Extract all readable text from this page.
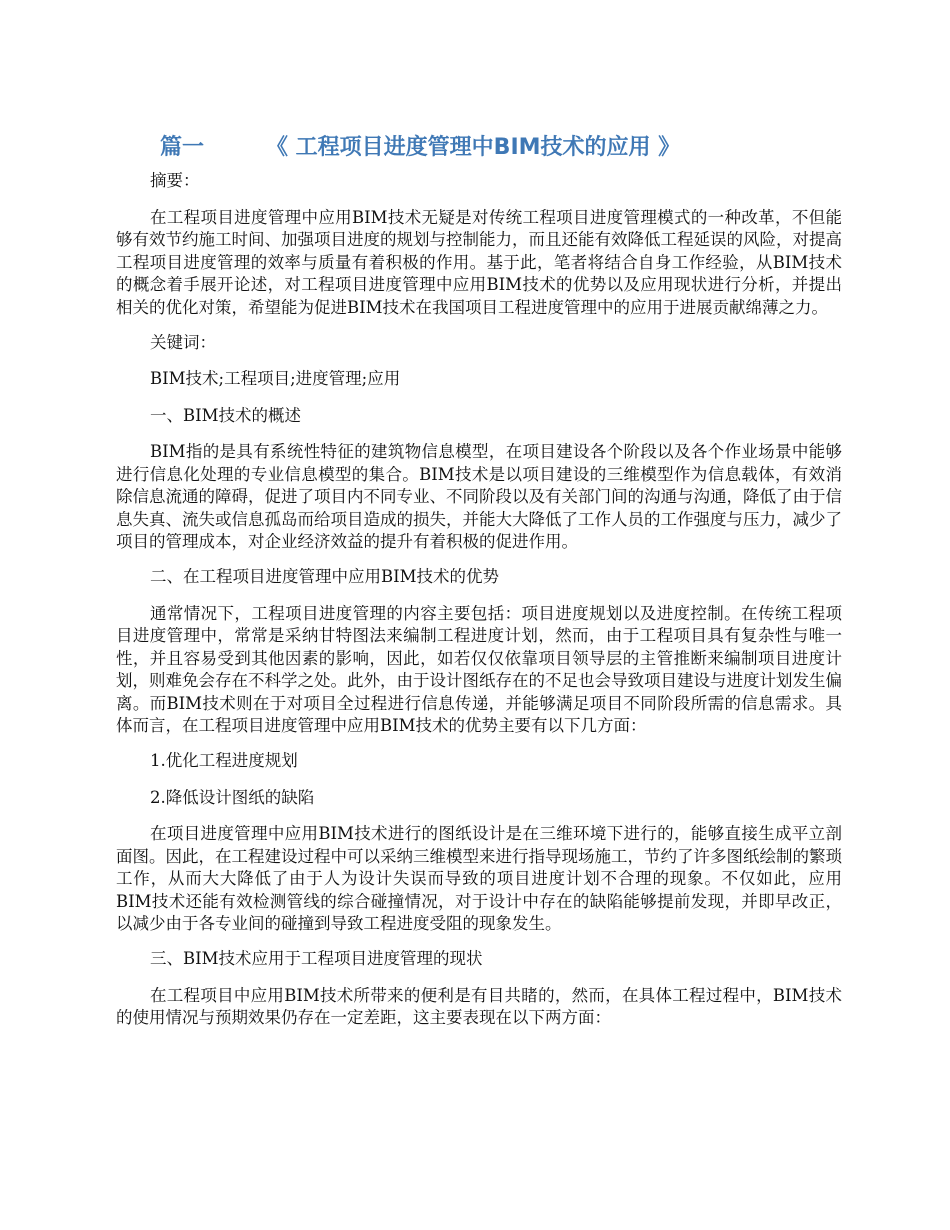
篇一	《 工程项目进度管理中BIM技术的应用 》

摘要：

在工程项目进度管理中应用BIM技术无疑是对传统工程项目进度管理模式的一种改革，不但能够有效节约施工时间、加强项目进度的规划与控制能力，而且还能有效降低工程延误的风险，对提高工程项目进度管理的效率与质量有着积极的作用。基于此，笔者将结合自身工作经验，从BIM技术的概念着手展开论述，对工程项目进度管理中应用BIM技术的优势以及应用现状进行分析，并提出相关的优化对策，希望能为促进BIM技术在我国项目工程进度管理中的应用于进展贡献绵薄之力。

关键词：

BIM技术;工程项目;进度管理;应用

一、BIM技术的概述

BIM指的是具有系统性特征的建筑物信息模型，在项目建设各个阶段以及各个作业场景中能够进行信息化处理的专业信息模型的集合。BIM技术是以项目建设的三维模型作为信息载体，有效消除信息流通的障碍，促进了项目内不同专业、不同阶段以及有关部门间的沟通与沟通，降低了由于信息失真、流失或信息孤岛而给项目造成的损失，并能大大降低了工作人员的工作强度与压力，减少了项目的管理成本，对企业经济效益的提升有着积极的促进作用。

二、在工程项目进度管理中应用BIM技术的优势

通常情况下，工程项目进度管理的内容主要包括：项目进度规划以及进度控制。在传统工程项目进度管理中，常常是采纳甘特图法来编制工程进度计划，然而，由于工程项目具有复杂性与唯一性，并且容易受到其他因素的影响，因此，如若仅仅依靠项目领导层的主管推断来编制项目进度计划，则难免会存在不科学之处。此外，由于设计图纸存在的不足也会导致项目建设与进度计划发生偏离。而BIM技术则在于对项目全过程进行信息传递，并能够满足项目不同阶段所需的信息需求。具体而言，在工程项目进度管理中应用BIM技术的优势主要有以下几方面：

1.优化工程进度规划

2.降低设计图纸的缺陷

在项目进度管理中应用BIM技术进行的图纸设计是在三维环境下进行的，能够直接生成平立剖面图。因此，在工程建设过程中可以采纳三维模型来进行指导现场施工，节约了许多图纸绘制的繁琐工作，从而大大降低了由于人为设计失误而导致的项目进度计划不合理的现象。不仅如此，应用BIM技术还能有效检测管线的综合碰撞情况，对于设计中存在的缺陷能够提前发现，并即早改正，以减少由于各专业间的碰撞到导致工程进度受阻的现象发生。

三、BIM技术应用于工程项目进度管理的现状

在工程项目中应用BIM技术所带来的便利是有目共睹的，然而，在具体工程过程中，BIM技术的使用情况与预期效果仍存在一定差距，这主要表现在以下两方面：
